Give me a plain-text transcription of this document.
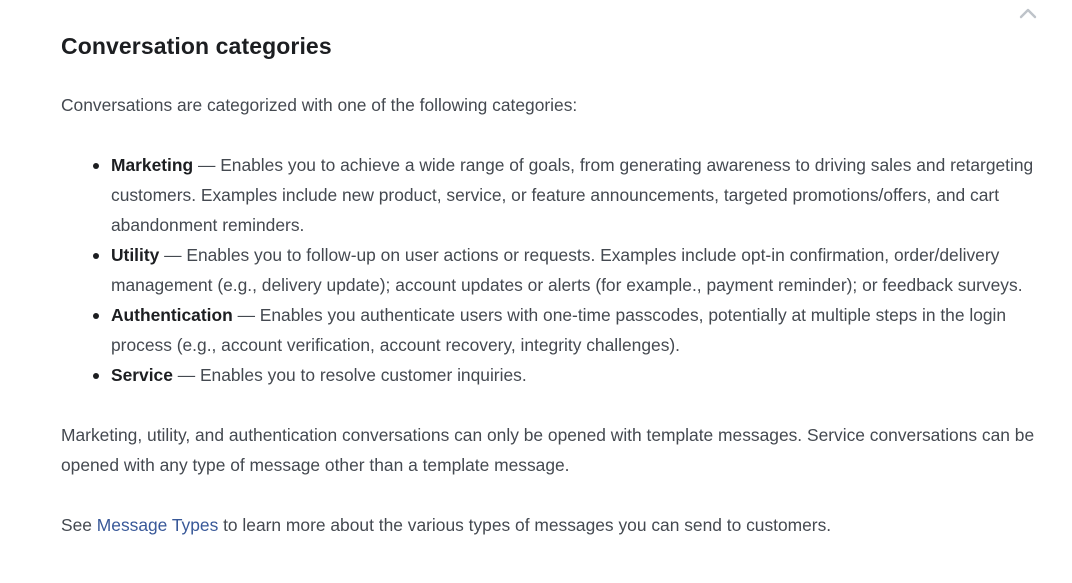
Conversation categories

Conversations are categorized with one of the following categories:

Marketing — Enables you to achieve a wide range of goals, from generating awareness to driving sales and retargeting customers. Examples include new product, service, or feature announcements, targeted promotions/offers, and cart abandonment reminders.
Utility — Enables you to follow-up on user actions or requests. Examples include opt-in confirmation, order/delivery management (e.g., delivery update); account updates or alerts (for example., payment reminder); or feedback surveys.
Authentication — Enables you authenticate users with one-time passcodes, potentially at multiple steps in the login process (e.g., account verification, account recovery, integrity challenges).
Service — Enables you to resolve customer inquiries.

Marketing, utility, and authentication conversations can only be opened with template messages. Service conversations can be opened with any type of message other than a template message.

See Message Types to learn more about the various types of messages you can send to customers.
